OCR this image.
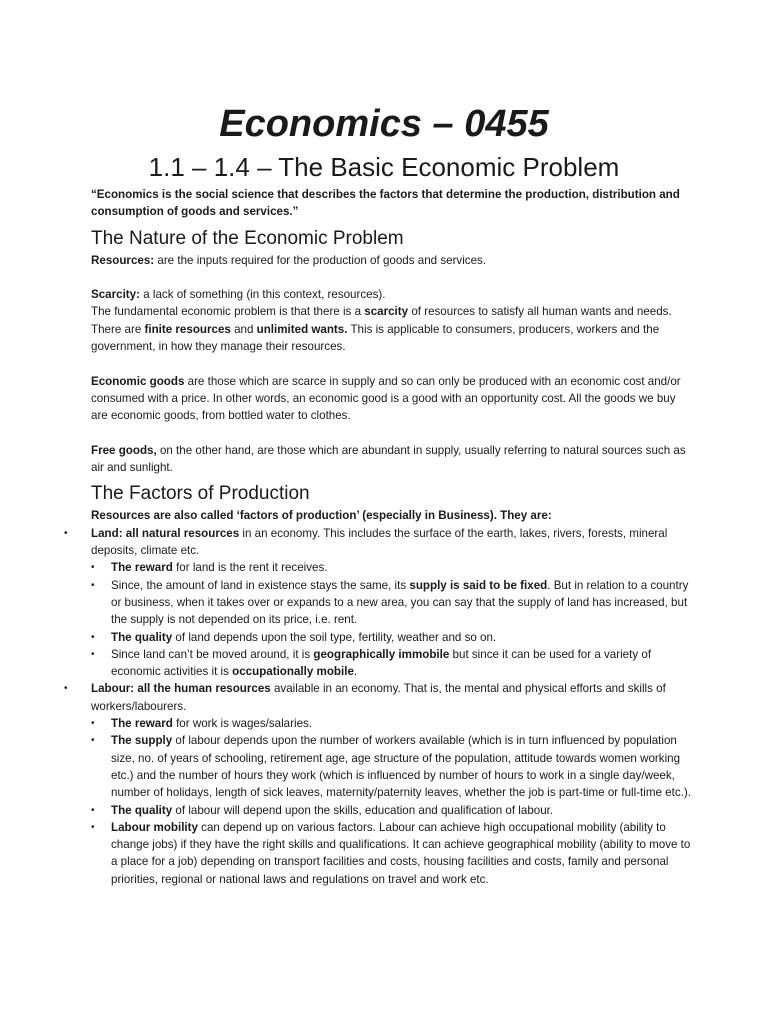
Economics – 0455
1.1 – 1.4 – The Basic Economic Problem

“Economics is the social science that describes the factors that determine the production, distribution and consumption of goods and services.”

The Nature of the Economic Problem

Resources: are the inputs required for the production of goods and services.

Scarcity: a lack of something (in this context, resources).

The fundamental economic problem is that there is a scarcity of resources to satisfy all human wants and needs. There are finite resources and unlimited wants. This is applicable to consumers, producers, workers and the government, in how they manage their resources.

Economic goods are those which are scarce in supply and so can only be produced with an economic cost and/or consumed with a price. In other words, an economic good is a good with an opportunity cost. All the goods we buy are economic goods, from bottled water to clothes.

Free goods, on the other hand, are those which are abundant in supply, usually referring to natural sources such as air and sunlight.

The Factors of Production

Resources are also called ‘factors of production’ (especially in Business). They are:

• Land: all natural resources in an economy. This includes the surface of the earth, lakes, rivers, forests, mineral deposits, climate etc.
• The reward for land is the rent it receives.
• Since, the amount of land in existence stays the same, its supply is said to be fixed. But in relation to a country or business, when it takes over or expands to a new area, you can say that the supply of land has increased, but the supply is not depended on its price, i.e. rent.
• The quality of land depends upon the soil type, fertility, weather and so on.
• Since land can’t be moved around, it is geographically immobile but since it can be used for a variety of economic activities it is occupationally mobile.
• Labour: all the human resources available in an economy. That is, the mental and physical efforts and skills of workers/labourers.
• The reward for work is wages/salaries.
• The supply of labour depends upon the number of workers available (which is in turn influenced by population size, no. of years of schooling, retirement age, age structure of the population, attitude towards women working etc.) and the number of hours they work (which is influenced by number of hours to work in a single day/week, number of holidays, length of sick leaves, maternity/paternity leaves, whether the job is part-time or full-time etc.).
• The quality of labour will depend upon the skills, education and qualification of labour.
• Labour mobility can depend up on various factors. Labour can achieve high occupational mobility (ability to change jobs) if they have the right skills and qualifications. It can achieve geographical mobility (ability to move to a place for a job) depending on transport facilities and costs, housing facilities and costs, family and personal priorities, regional or national laws and regulations on travel and work etc.
